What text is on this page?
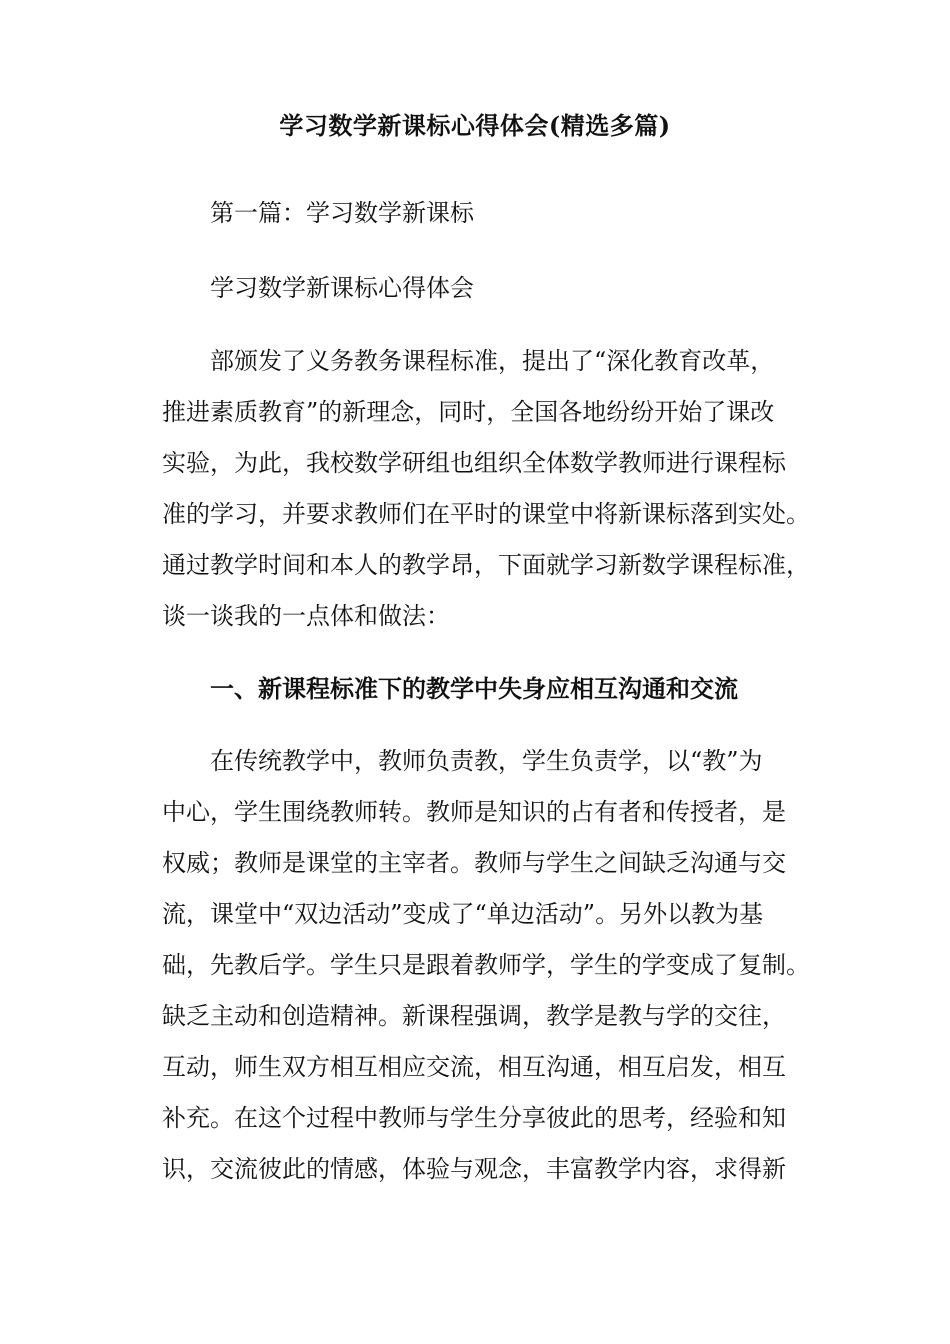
学习数学新课标心得体会(精选多篇)
第一篇：学习数学新课标
学习数学新课标心得体会
部颁发了义务教务课程标准，提出了“深化教育改革，
推进素质教育”的新理念，同时，全国各地纷纷开始了课改
实验，为此，我校数学研组也组织全体数学教师进行课程标
准的学习，并要求教师们在平时的课堂中将新课标落到实处。
通过教学时间和本人的教学昂，下面就学习新数学课程标准，
谈一谈我的一点体和做法：
一、新课程标准下的教学中失身应相互沟通和交流
在传统教学中，教师负责教，学生负责学，以“教”为
中心，学生围绕教师转。教师是知识的占有者和传授者，是
权威；教师是课堂的主宰者。教师与学生之间缺乏沟通与交
流，课堂中“双边活动”变成了“单边活动”。另外以教为基
础，先教后学。学生只是跟着教师学，学生的学变成了复制。
缺乏主动和创造精神。新课程强调，教学是教与学的交往，
互动，师生双方相互相应交流，相互沟通，相互启发，相互
补充。在这个过程中教师与学生分享彼此的思考，经验和知
识，交流彼此的情感，体验与观念，丰富教学内容，求得新
